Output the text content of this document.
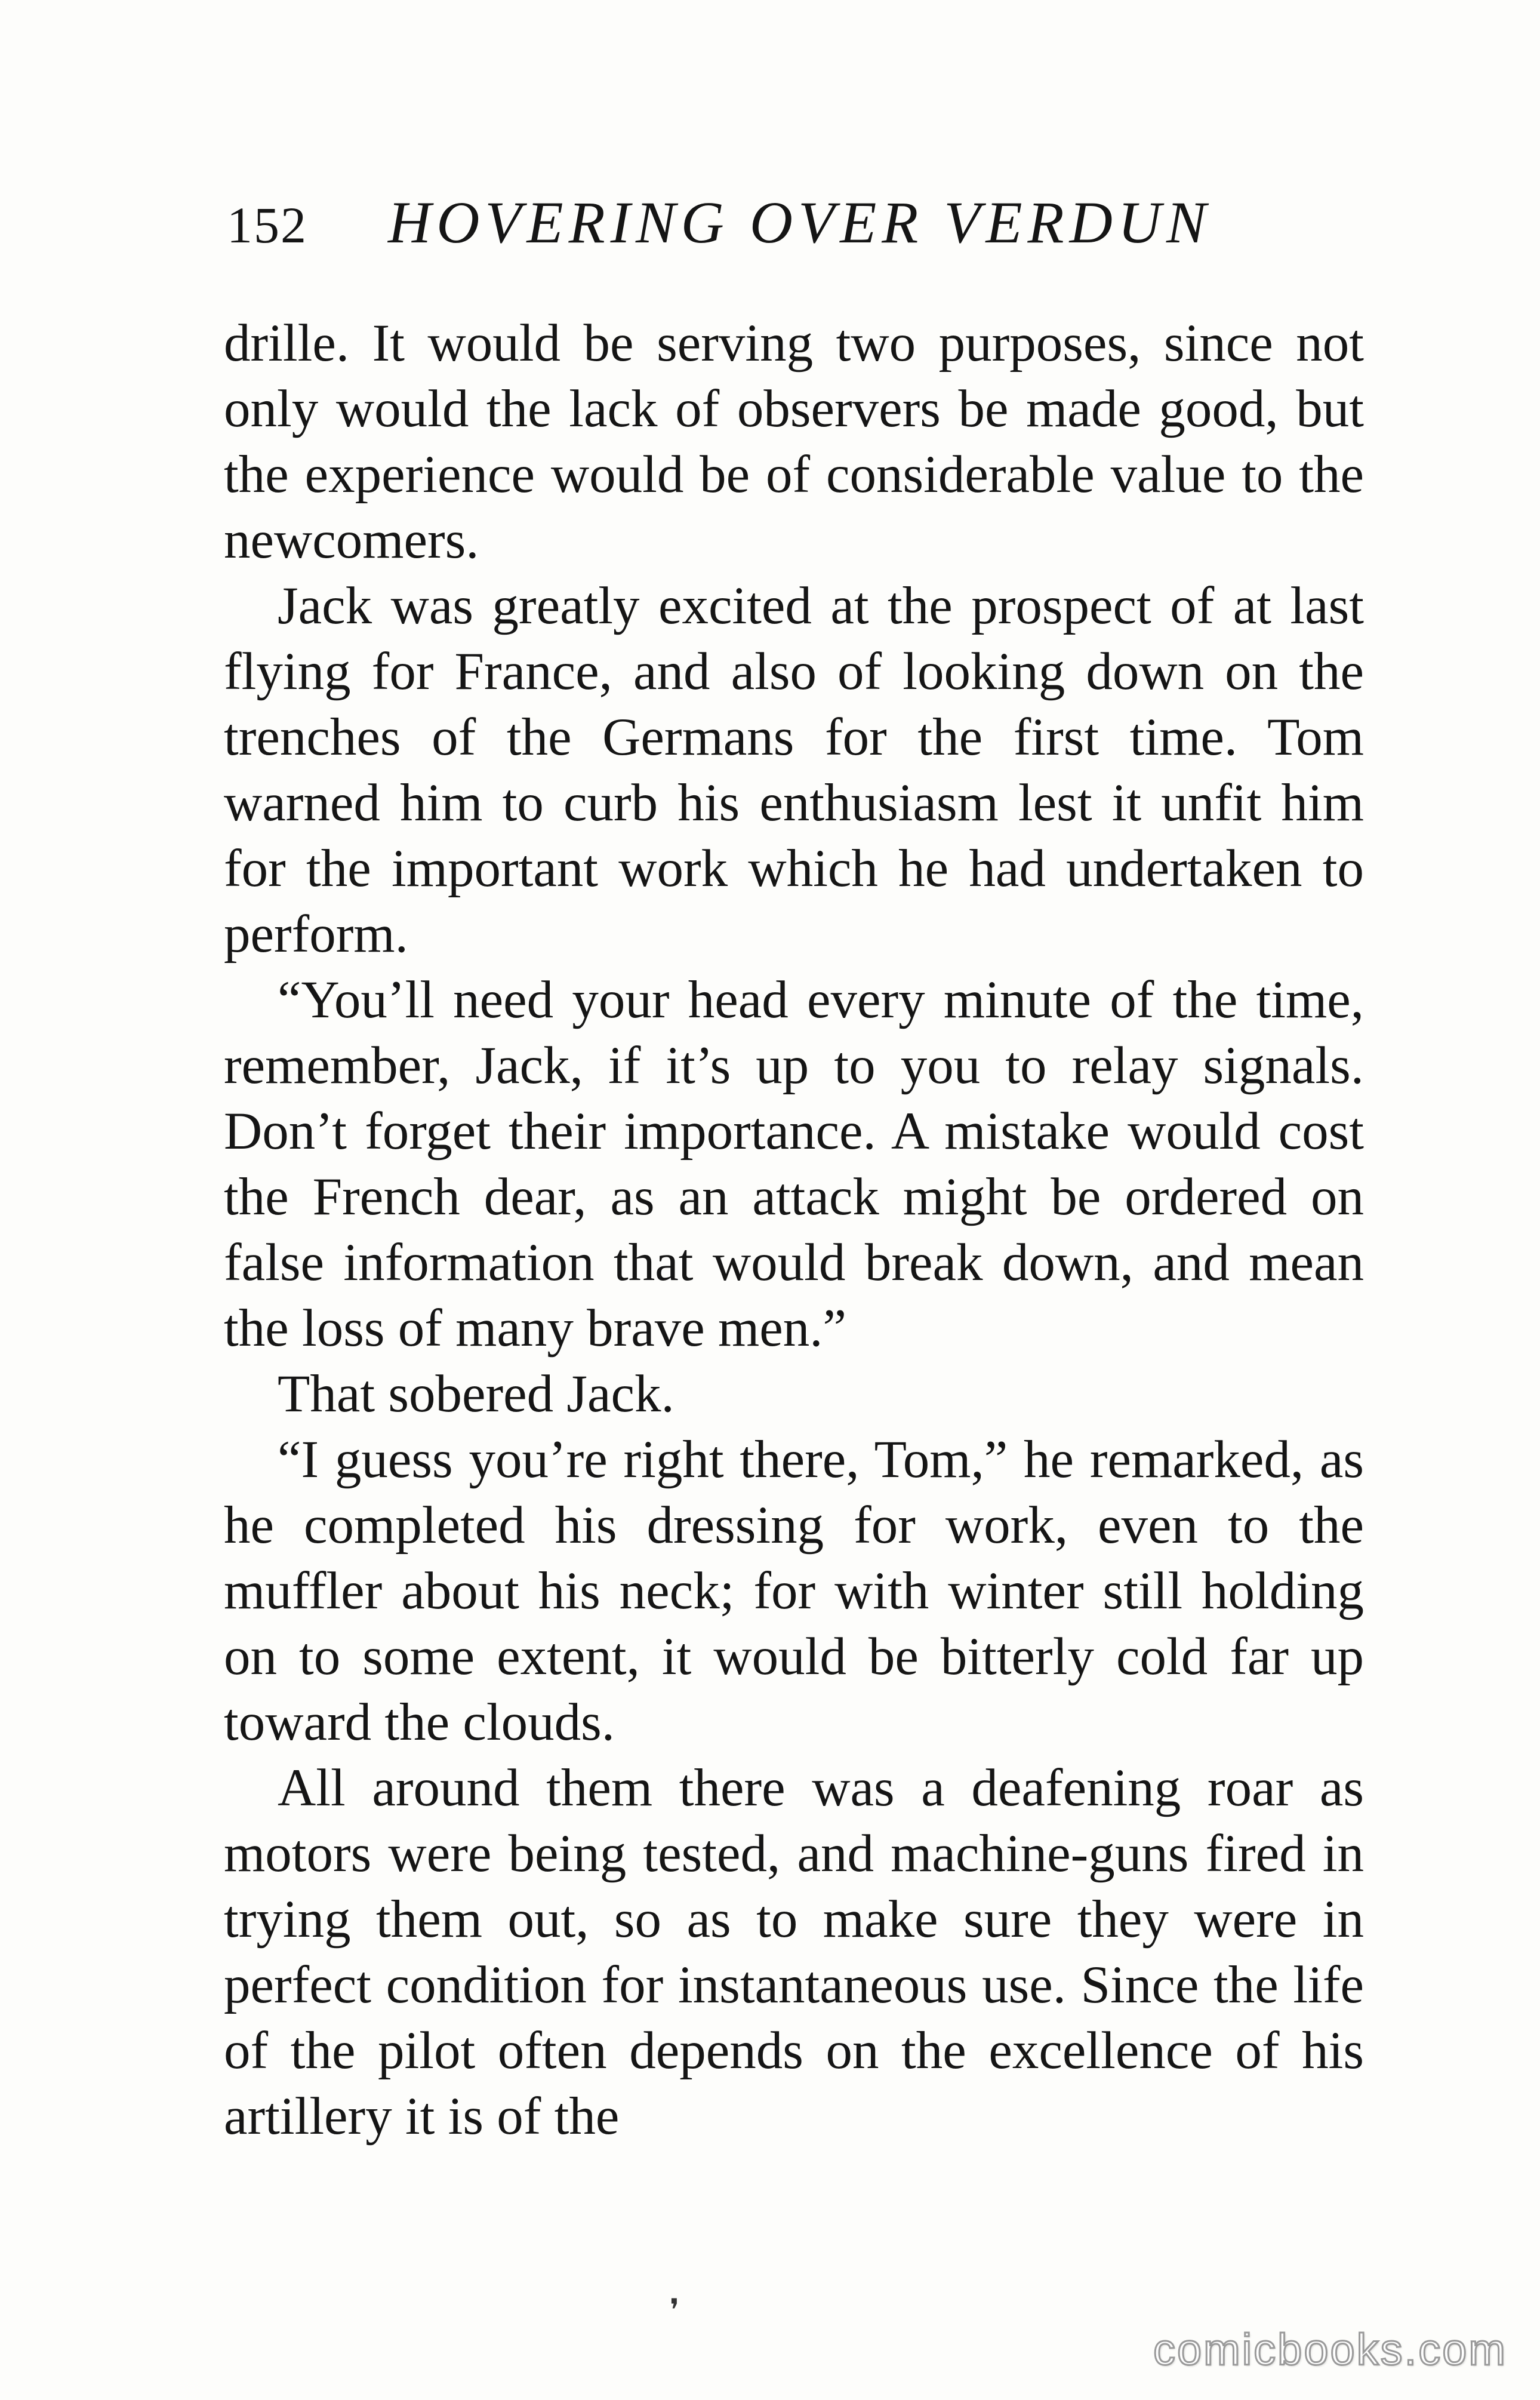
152 HOVERING OVER VERDUN

drille. It would be serving two purposes, since not only would the lack of observers be made good, but the experience would be of considerable value to the newcomers.

Jack was greatly excited at the prospect of at last flying for France, and also of looking down on the trenches of the Germans for the first time. Tom warned him to curb his enthusiasm lest it unfit him for the important work which he had undertaken to perform.

“You’ll need your head every minute of the time, remember, Jack, if it’s up to you to relay signals. Don’t forget their importance. A mistake would cost the French dear, as an attack might be ordered on false information that would break down, and mean the loss of many brave men.”

That sobered Jack.

“I guess you’re right there, Tom,” he remarked, as he completed his dressing for work, even to the muffler about his neck; for with winter still holding on to some extent, it would be bitterly cold far up toward the clouds.

All around them there was a deafening roar as motors were being tested, and machine-guns fired in trying them out, so as to make sure they were in perfect condition for instantaneous use. Since the life of the pilot often depends on the excellence of his artillery it is of the

❜
comicbooks.com
